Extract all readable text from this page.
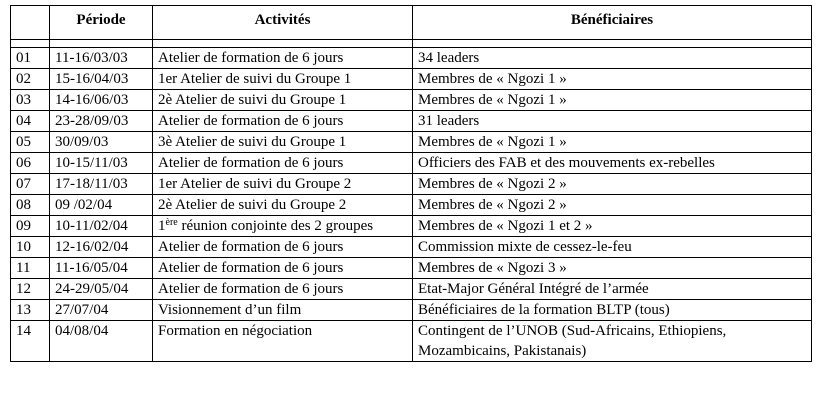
	Période	Activités	Bénéficiaires

01	11-16/03/03	Atelier de formation de 6 jours	34 leaders
02	15-16/04/03	1er Atelier de suivi du Groupe 1	Membres de « Ngozi 1 »
03	14-16/06/03	2è Atelier de suivi du Groupe 1	Membres de « Ngozi 1 »
04	23-28/09/03	Atelier de formation de 6 jours	31 leaders
05	30/09/03	3è Atelier de suivi du Groupe 1	Membres de « Ngozi 1 »
06	10-15/11/03	Atelier de formation de 6 jours	Officiers des FAB et des mouvements ex-rebelles
07	17-18/11/03	1er Atelier de suivi du Groupe 2	Membres de « Ngozi 2 »
08	09 /02/04	2è Atelier de suivi du Groupe 2	Membres de « Ngozi 2 »
09	10-11/02/04	1ère réunion conjointe des 2 groupes	Membres de « Ngozi 1 et 2 »
10	12-16/02/04	Atelier de formation de 6 jours	Commission mixte de cessez-le-feu
11	11-16/05/04	Atelier de formation de 6 jours	Membres de « Ngozi 3 »
12	24-29/05/04	Atelier de formation de 6 jours	Etat-Major Général Intégré de l’armée
13	27/07/04	Visionnement d’un film	Bénéficiaires de la formation BLTP (tous)
14	04/08/04	Formation en négociation	Contingent de l’UNOB (Sud-Africains, Ethiopiens, Mozambicains, Pakistanais)
